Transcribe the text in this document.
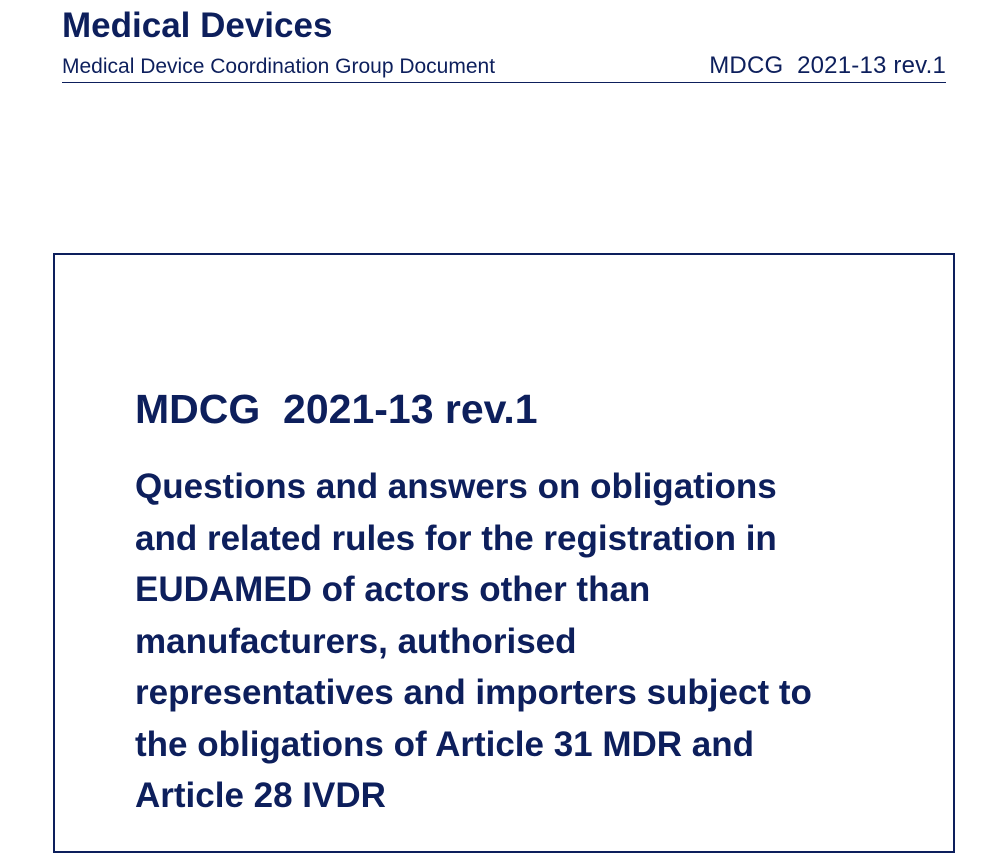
Medical Devices
Medical Device Coordination Group Document	MDCG  2021-13 rev.1
MDCG  2021-13 rev.1
Questions and answers on obligations
and related rules for the registration in
EUDAMED of actors other than
manufacturers, authorised
representatives and importers subject to
the obligations of Article 31 MDR and
Article 28 IVDR
